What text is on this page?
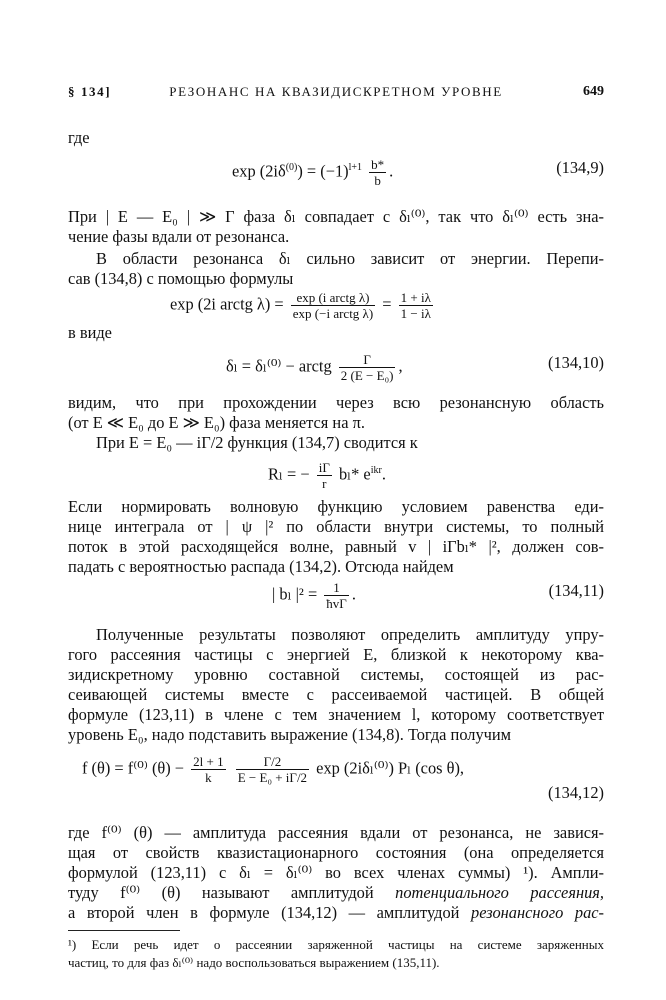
§ 134]	РЕЗОНАНС НА КВАЗИДИСКРЕТНОМ УРОВНЕ	649
где
$\exp (2i\delta^{(0)}) = (-1)^{l+1} \frac{b*}{b}$ .	(134,9)
При | E — E₀ | ≫ Γ фаза δₗ совпадает с δₗ⁽⁰⁾, так что δₗ⁽⁰⁾ есть зна-
чение фазы вдали от резонанса.
В области резонанса δₗ сильно зависит от энергии. Перепи-
сав (134,8) с помощью формулы
exp (2i arctg $\lambda) = \frac{\text{exp (i arctg λ)}}{\text{exp (−i arctg λ)}} = \frac{1 + i\lambda}{1 - i\lambda}$
в виде
δₗ = δₗ⁽⁰⁾ − arctg $\frac{\Gamma}{\text{2 (E − E₀)}}$ ,	(134,10)
видим, что при прохождении через всю резонансную область
(от E ≪ E₀ до E ≫ E₀) фаза меняется на π.
При E = E₀ — iΓ/2 функция (134,7) сводится к
Rₗ = − $\frac{i\Gamma}{r} b_l*$ $e^{ikr}$.
Если нормировать волновую функцию условием равенства еди-
нице интеграла от | ψ |² по области внутри системы, то полный
поток в этой расходящейся волне, равный v | iΓbₗ* |², должен сов-
падать с вероятностью распада (134,2). Отсюда найдем
| bₗ $|^2 = \frac{1}{\text{ħvΓ}}$ .	(134,11)
Полученные результаты позволяют определить амплитуду упру-
гого рассеяния частицы с энергией E, близкой к некоторому ква-
зидискретному уровню составной системы, состоящей из рас-
сеивающей системы вместе с рассеиваемой частицей. В общей
формуле (123,11) в члене с тем значением l, которому соответствует
уровень E₀, надо подставить выражение (134,8). Тогда получим
f (θ) = f⁽⁰⁾ $(\theta) - \frac{2l + 1}{k}$
$\frac{\Gamma/2}{\text{E − E₀ + iΓ/2}}$ exp (2iδₗ⁽⁰⁾) Pₗ (cos θ),
(134,12)
где f⁽⁰⁾ (θ) — амплитуда рассеяния вдали от резонанса, не завися-
щая от свойств квазистационарного состояния (она определяется
формулой (123,11) с δₗ = δₗ⁽⁰⁾ во всех членах суммы) ¹). Ампли-
туду f⁽⁰⁾ (θ) называют амплитудой потенциального рассеяния,
а второй член в формуле (134,12) — амплитудой резонансного рас-
¹) Если речь идет о рассеянии заряженной частицы на системе заряженных
частиц, то для фаз δₗ⁽⁰⁾ надо воспользоваться выражением (135,11).
